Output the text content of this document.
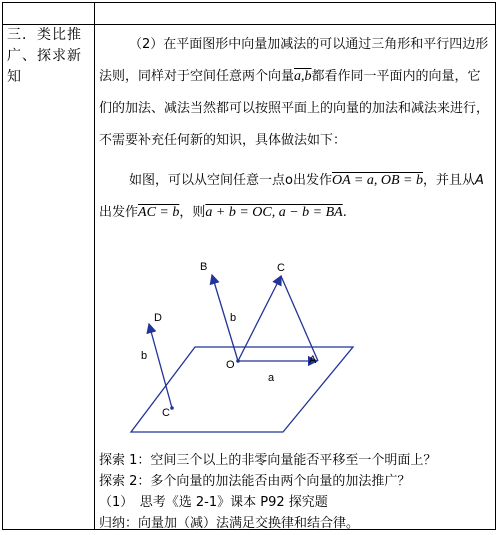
三．类比推广、探求新知
（2）在平面图形中向量加减法的可以通过三角形和平行四边形法则，同样对于空间任意两个向量a,b都看作同一平面内的向量，它们的加法、减法当然都可以按照平面上的向量的加法和减法来进行，不需要补充任何新的知识，具体做法如下：
如图，可以从空间任意一点o出发作OA = a, OB = b，并且从A出发作AC = b，则a + b = OC, a − b = BA.
B	C
D
O	A
C
b
b
a
探索 1：空间三个以上的非零向量能否平移至一个明面上？
探索 2：多个向量的加法能否由两个向量的加法推广？
（1）　思考《选 2-1》课本 P92 探究题
归纳：向量加（减）法满足交换律和结合律。
